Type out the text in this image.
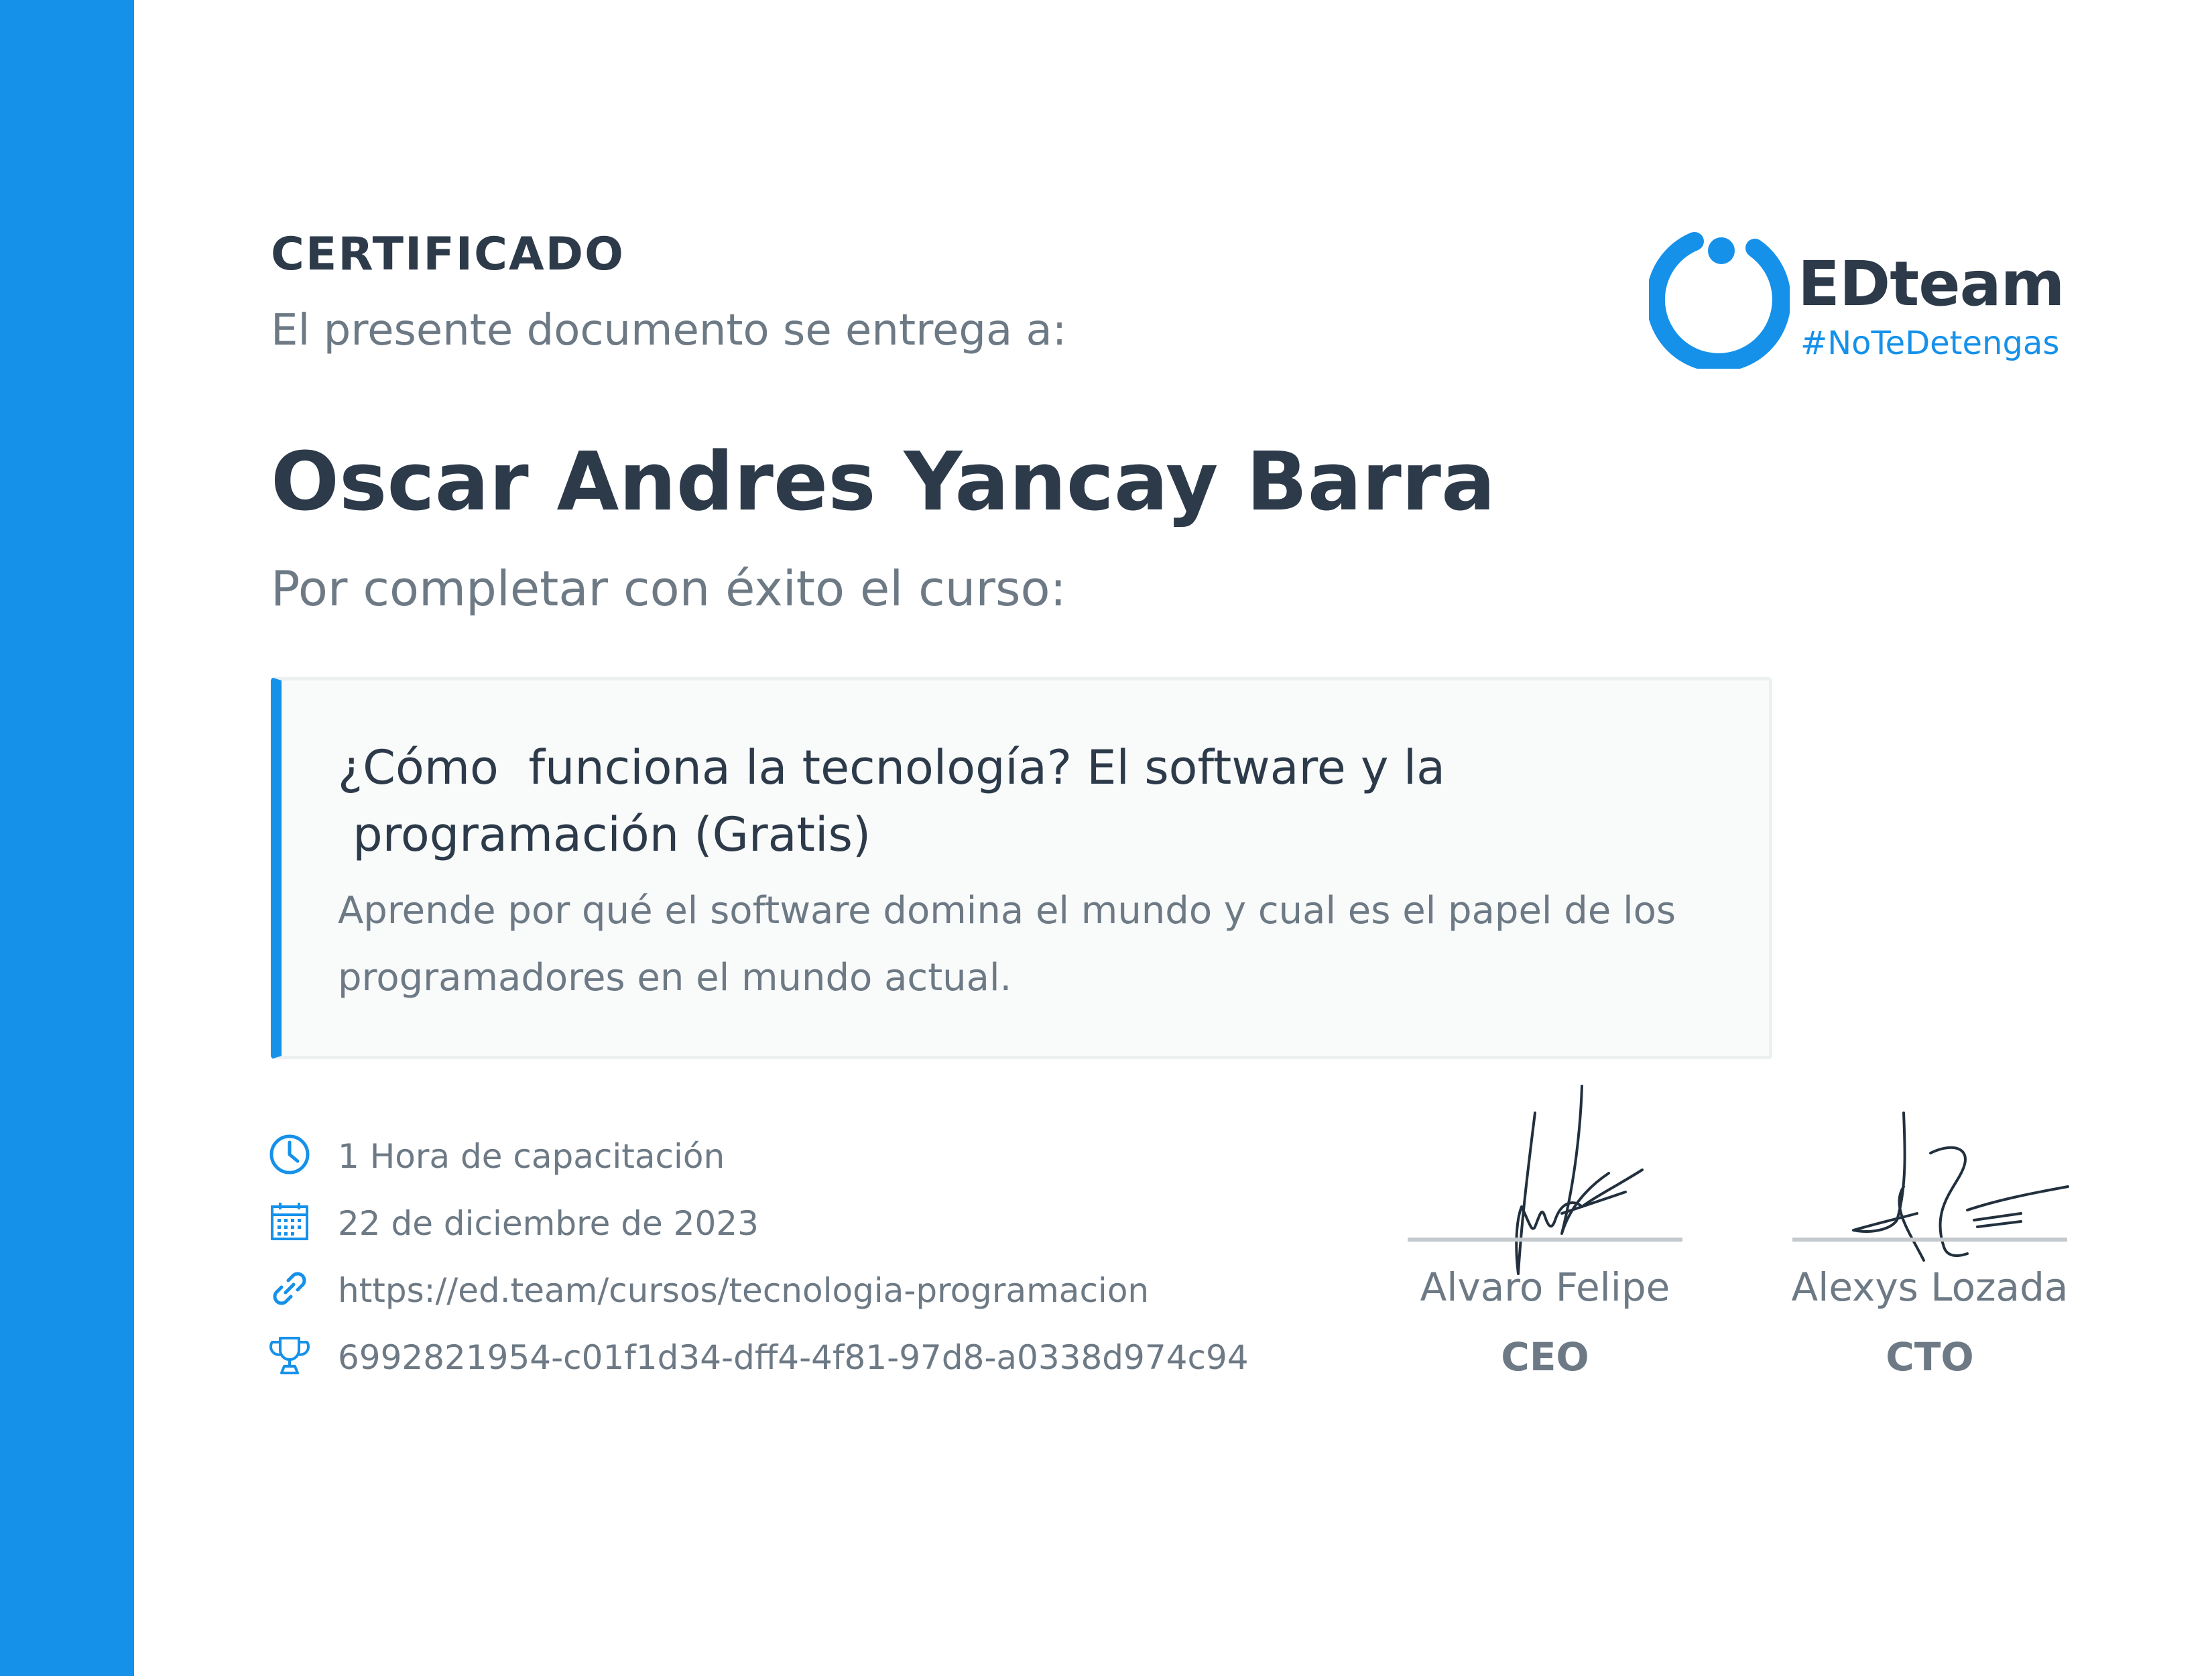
CERTIFICADO
El presente documento se entrega a:
EDteam
#NoTeDetengas
Oscar Andres Yancay Barra
Por completar con éxito el curso:
¿Cómo  funciona la tecnología? El software y la
programación (Gratis)
Aprende por qué el software domina el mundo y cual es el papel de los programadores en el mundo actual.
1 Hora de capacitación
22 de diciembre de 2023
https://ed.team/cursos/tecnologia-programacion
6992821954-c01f1d34-dff4-4f81-97d8-a0338d974c94
Alvaro Felipe
CEO
Alexys Lozada
CTO
